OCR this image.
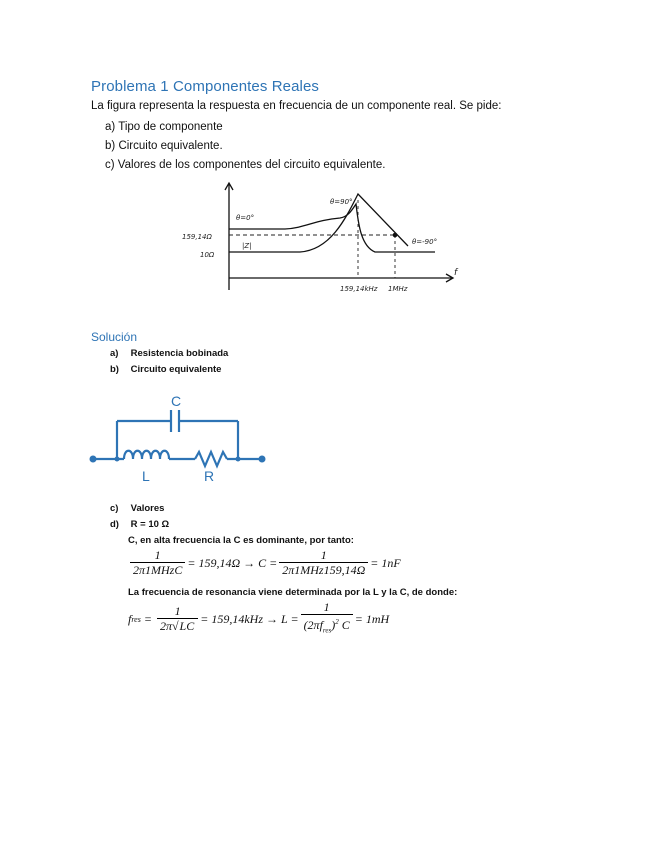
Problema 1 Componentes Reales
La figura representa la respuesta en frecuencia de un componente real. Se pide:
a) Tipo de componente
b) Circuito equivalente.
c) Valores de los componentes del circuito equivalente.
θ=0°
θ=90°
θ=-90°
|Z|
159,14Ω
10Ω
159,14kHz 1MHz
f
Solución
a) Resistencia bobinada
b) Circuito equivalente
C
L	R
c) Valores
d) R = 10 Ω
C, en alta frecuencia la C es dominante, por tanto:
$\frac{1}{\text{2π1MHzC}} = 159,14\Omega \to C = \frac{1}{\text{2π1MHz159,14Ω}} = 1nF$
La frecuencia de resonancia viene determinada por la L y la C, de donde:
f res = $\frac{1}{2\pi√LC} = 159,14kHz \to L = \frac{1}{(2\pi f_{res})^2 C} = 1mH$
